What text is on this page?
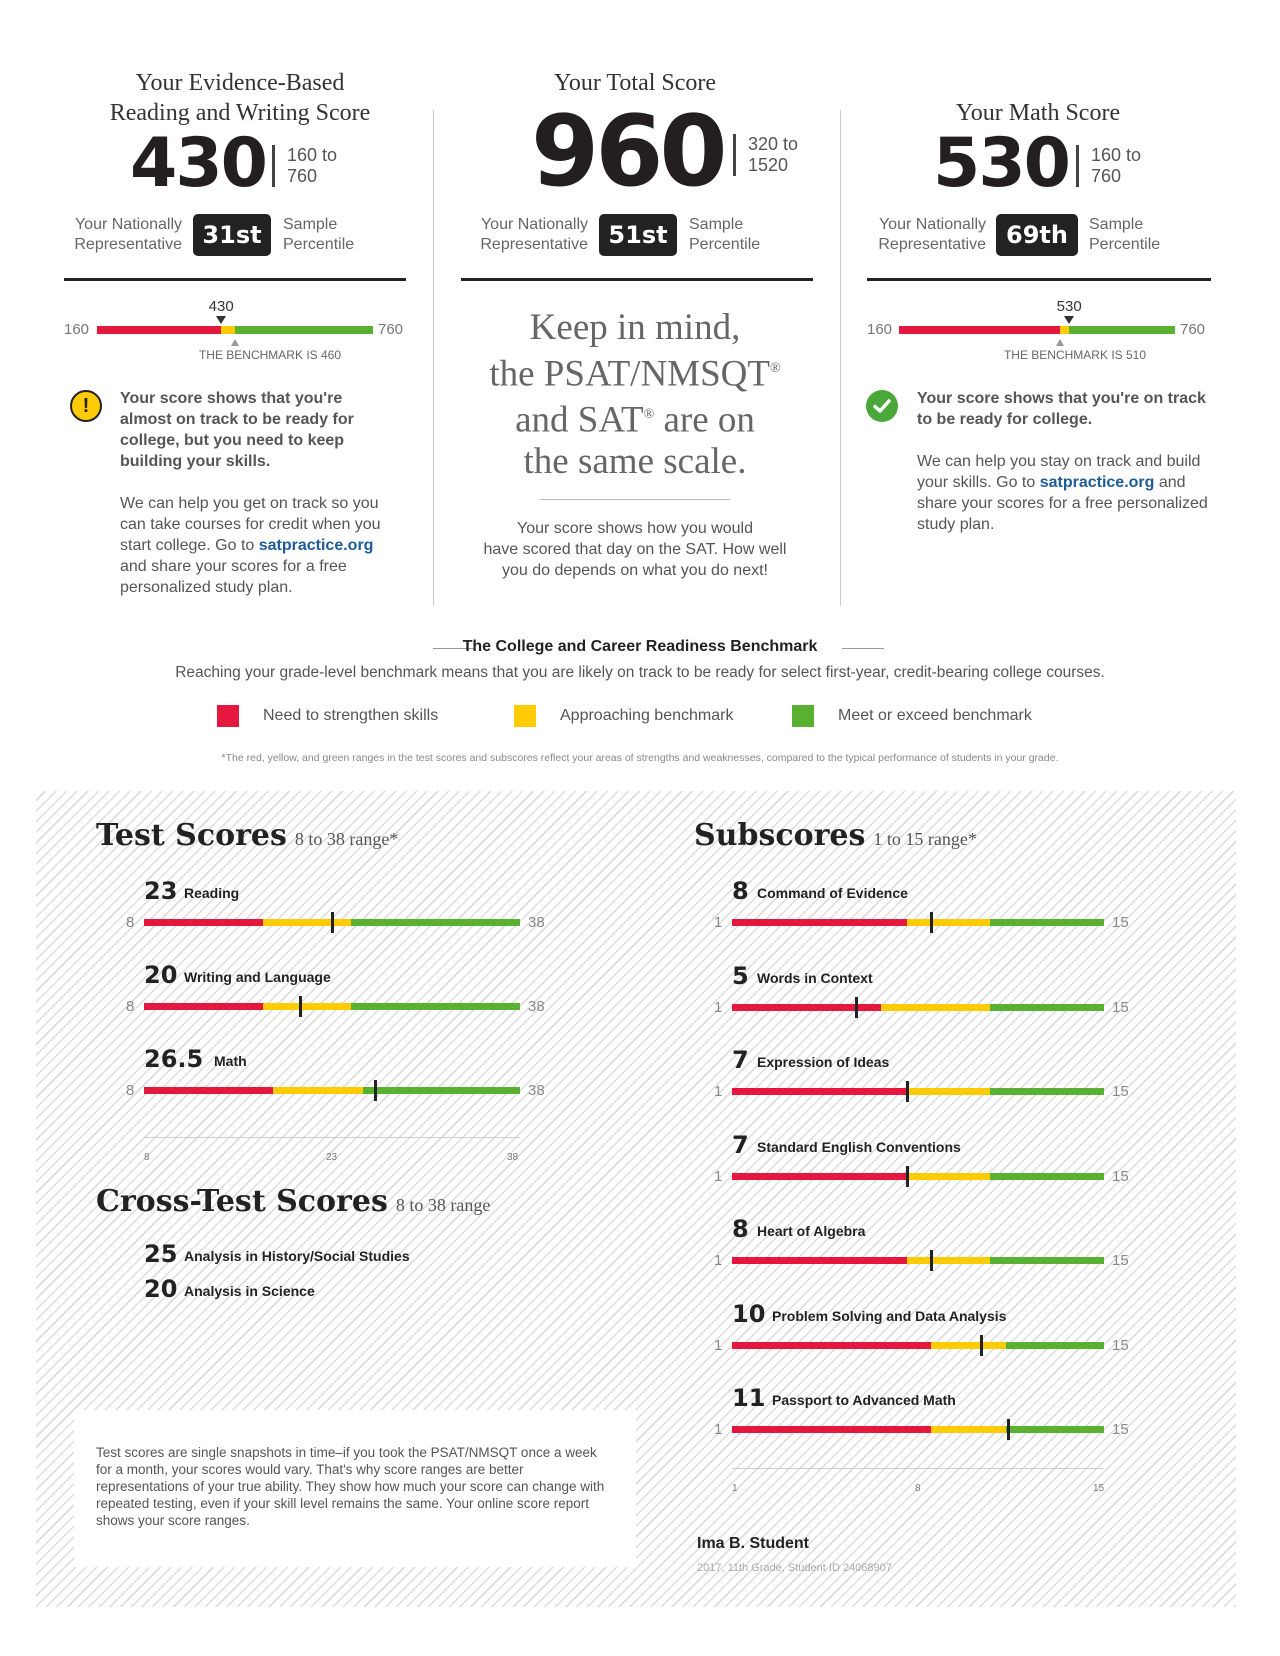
Your Evidence-Based
Reading and Writing Score
430 160 to
760
Your Nationally
Representative 31st	Sample
Percentile
160	760
430
THE BENCHMARK IS 460
!	Your score shows that you're
almost on track to be ready for
college, but you need to keep
building your skills.
We can help you get on track so you
can take courses for credit when you
start college. Go to satpractice.org
and share your scores for a free
personalized study plan.
Your Total Score
960 320 to
1520
Your Nationally
Representative 51st	Sample
Percentile
Keep in mind,
the PSAT/NMSQT®
and SAT® are on
the same scale.
Your score shows how you would
have scored that day on the SAT. How well
you do depends on what you do next!
Your Math Score
530 160 to
760
Your Nationally
Representative 69th	Sample
Percentile
160	760
530
THE BENCHMARK IS 510
Your score shows that you're on track
to be ready for college.
We can help you stay on track and build
your skills. Go to satpractice.org and
share your scores for a free personalized
study plan.
The College and Career Readiness Benchmark
Reaching your grade-level benchmark means that you are likely on track to be ready for select first-year, credit-bearing college courses.
Need to strengthen skills	Approaching benchmark	Meet or exceed benchmark
*The red, yellow, and green ranges in the test scores and subscores reflect your areas of strengths and weaknesses, compared to the typical performance of students in your grade.
Test Scores 8 to 38 range*
23 Reading
8	38
20 Writing and Language
8	38
26.5 Math
8	38
8	23	38
Cross-Test Scores 8 to 38 range
25 Analysis in History/Social Studies
20 Analysis in Science
Subscores 1 to 15 range*
8 Command of Evidence
1	15
5 Words in Context
1	15
7 Expression of Ideas
1	15
7 Standard English Conventions
1	15
8 Heart of Algebra
1	15
10 Problem Solving and Data Analysis
1	15
11 Passport to Advanced Math
1	15
1	8	15
Test scores are single snapshots in time–if you took the PSAT/NMSQT once a week for a month, your scores would vary. That's why score ranges are better representations of your true ability. They show how much your score can change with repeated testing, even if your skill level remains the same. Your online score report shows your score ranges.
Ima B. Student
2017, 11th Grade, Student ID 24068907
